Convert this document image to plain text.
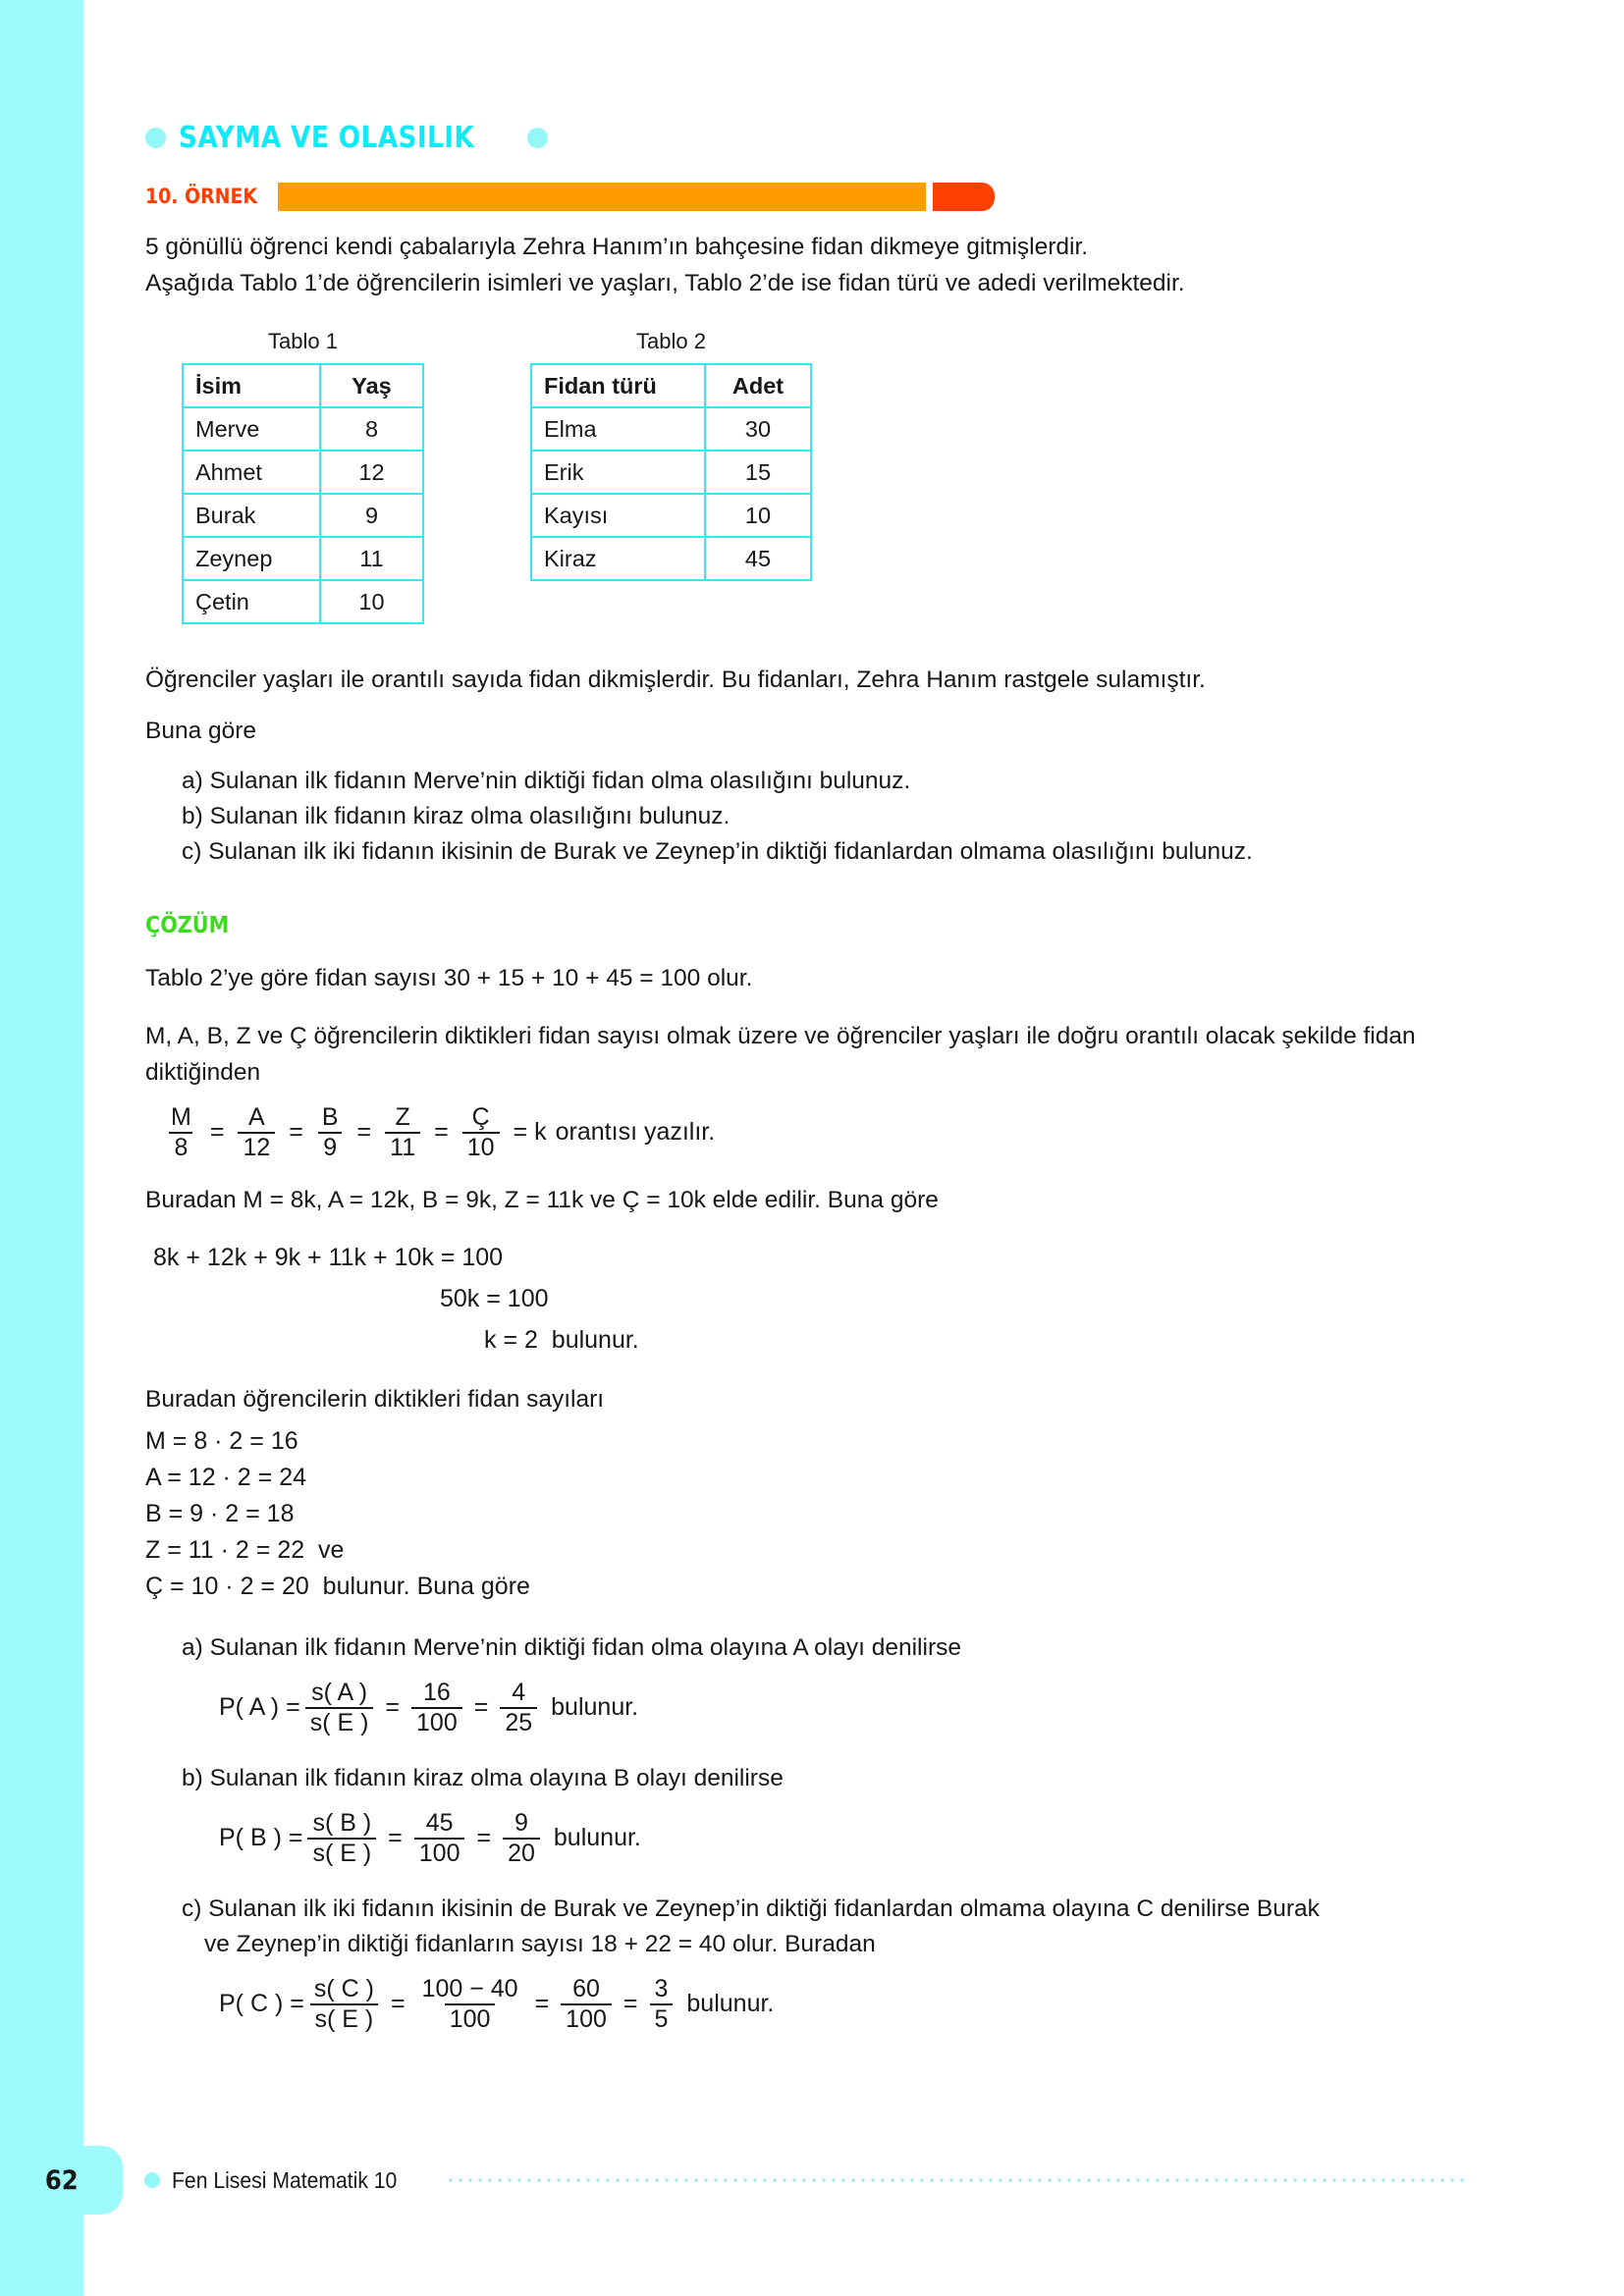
SAYMA VE OLASILIK
10. ÖRNEK
5 gönüllü öğrenci kendi çabalarıyla Zehra Hanım’ın bahçesine fidan dikmeye gitmişlerdir.
Aşağıda Tablo 1’de öğrencilerin isimleri ve yaşları, Tablo 2’de ise fidan türü ve adedi verilmektedir.
Tablo 1
İsim	Yaş
Merve	8
Ahmet	12
Burak	9
Zeynep	11
Çetin	10
Tablo 2
Fidan türü	Adet
Elma	30
Erik	15
Kayısı	10
Kiraz	45
Öğrenciler yaşları ile orantılı sayıda fidan dikmişlerdir. Bu fidanları, Zehra Hanım rastgele sulamıştır.
Buna göre
a) Sulanan ilk fidanın Merve’nin diktiği fidan olma olasılığını bulunuz.
b) Sulanan ilk fidanın kiraz olma olasılığını bulunuz.
c) Sulanan ilk iki fidanın ikisinin de Burak ve Zeynep’in diktiği fidanlardan olmama olasılığını bulunuz.
ÇÖZÜM
Tablo 2’ye göre fidan sayısı 30 + 15 + 10 + 45 = 100 olur.
M, A, B, Z ve Ç öğrencilerin diktikleri fidan sayısı olmak üzere ve öğrenciler yaşları ile doğru orantılı olacak şekilde fidan diktiğinden
$\frac{M}{8} = \frac{A}{12} = \frac{B}{9} = \frac{Z}{11} = \frac{Ç}{10} = k$ orantısı yazılır.
Buradan M = 8k, A = 12k, B = 9k, Z = 11k ve Ç = 10k elde edilir. Buna göre
8k + 12k + 9k + 11k + 10k = 100
50k = 100
k = 2  bulunur.
Buradan öğrencilerin diktikleri fidan sayıları
M = 8 · 2 = 16
A = 12 · 2 = 24
B = 9 · 2 = 18
Z = 11 · 2 = 22  ve
Ç = 10 · 2 = 20  bulunur. Buna göre
a) Sulanan ilk fidanın Merve’nin diktiği fidan olma olayına A olayı denilirse
P( A ) = $\frac{s( A )}{s( E )} = \frac{16}{100} = \frac{4}{25}$ bulunur.
b) Sulanan ilk fidanın kiraz olma olayına B olayı denilirse
P( B ) = $\frac{s( B )}{s( E )} = \frac{45}{100} = \frac{9}{20}$ bulunur.
c) Sulanan ilk iki fidanın ikisinin de Burak ve Zeynep’in diktiği fidanlardan olmama olayına C denilirse Burak
ve Zeynep’in diktiği fidanların sayısı 18 + 22 = 40 olur. Buradan
P( C ) = $\frac{s( C )}{s( E )} = \frac{100 - 40}{100} = \frac{60}{100} = \frac{3}{5}$ bulunur.
62	Fen Lisesi Matematik 10
